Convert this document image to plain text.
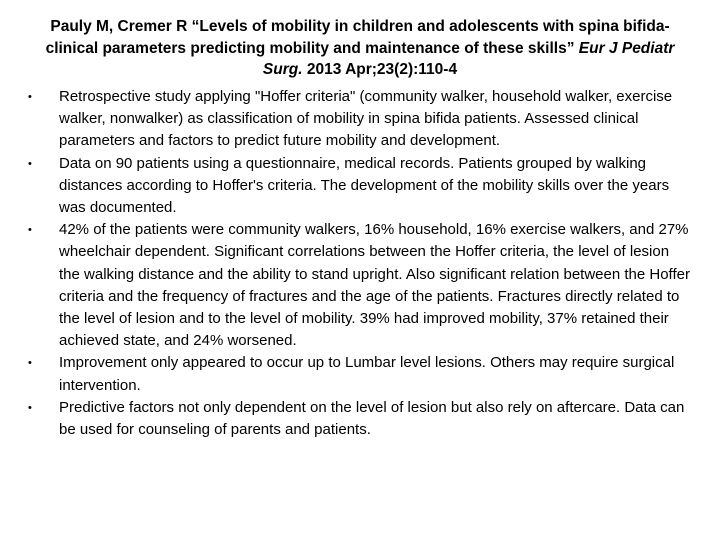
Pauly M, Cremer R “Levels of mobility in children and adolescents with spina bifida-clinical parameters predicting mobility and maintenance of these skills” Eur J Pediatr Surg. 2013 Apr;23(2):110-4
• Retrospective study applying "Hoffer criteria" (community walker, household walker, exercise walker, nonwalker) as classification of mobility in spina bifida patients. Assessed clinical parameters and factors to predict future mobility and development.
• Data on 90 patients using a questionnaire, medical records. Patients grouped by walking distances according to Hoffer's criteria. The development of the mobility skills over the years was documented.
• 42% of the patients were community walkers, 16% household, 16% exercise walkers, and 27% wheelchair dependent. Significant correlations between the Hoffer criteria, the level of lesion the walking distance and the ability to stand upright. Also significant relation between the Hoffer criteria and the frequency of fractures and the age of the patients. Fractures directly related to the level of lesion and to the level of mobility. 39% had improved mobility, 37% retained their achieved state, and 24% worsened.
• Improvement only appeared to occur up to Lumbar level lesions. Others may require surgical intervention.
• Predictive factors not only dependent on the level of lesion but also rely on aftercare. Data can be used for counseling of parents and patients.
